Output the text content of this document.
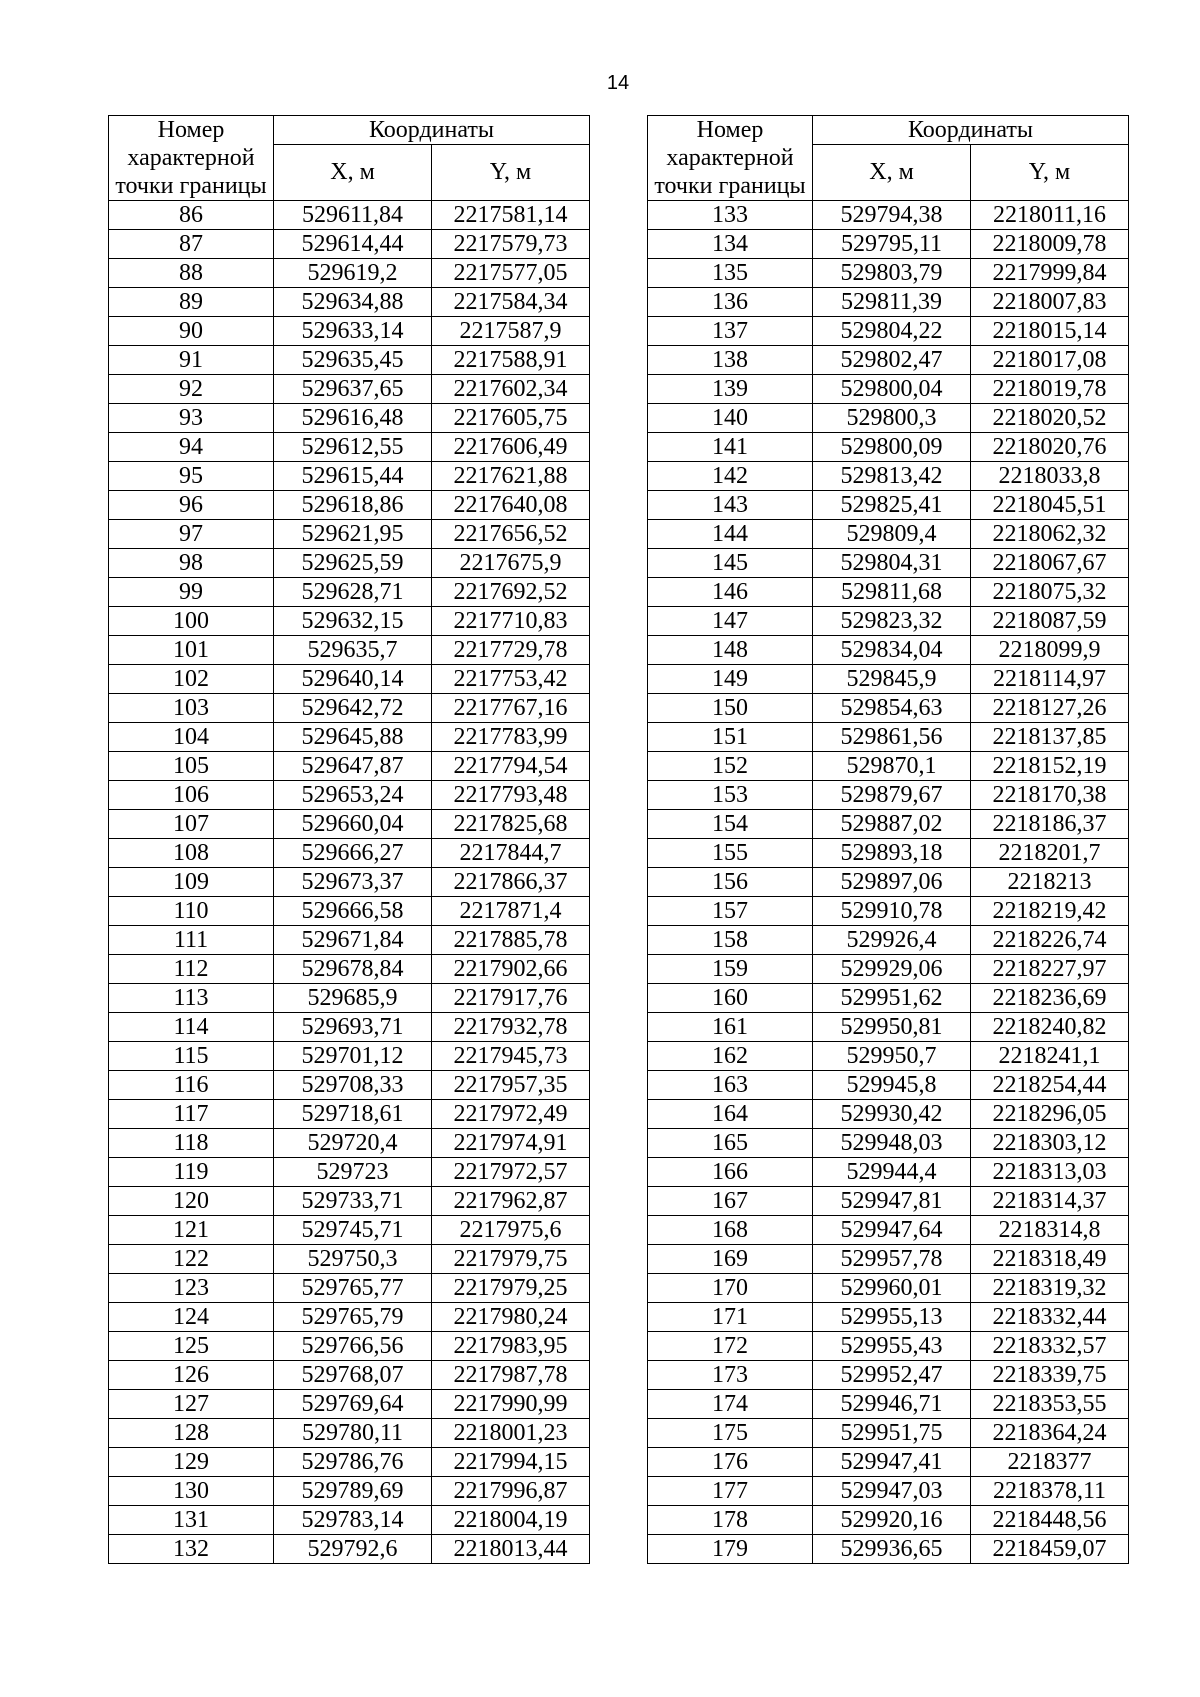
14
Номер характерной точки границы	Координаты	
	X, м	Y, м
86	529611,84	2217581,14
87	529614,44	2217579,73
88	529619,2	2217577,05
89	529634,88	2217584,34
90	529633,14	2217587,9
91	529635,45	2217588,91
92	529637,65	2217602,34
93	529616,48	2217605,75
94	529612,55	2217606,49
95	529615,44	2217621,88
96	529618,86	2217640,08
97	529621,95	2217656,52
98	529625,59	2217675,9
99	529628,71	2217692,52
100	529632,15	2217710,83
101	529635,7	2217729,78
102	529640,14	2217753,42
103	529642,72	2217767,16
104	529645,88	2217783,99
105	529647,87	2217794,54
106	529653,24	2217793,48
107	529660,04	2217825,68
108	529666,27	2217844,7
109	529673,37	2217866,37
110	529666,58	2217871,4
111	529671,84	2217885,78
112	529678,84	2217902,66
113	529685,9	2217917,76
114	529693,71	2217932,78
115	529701,12	2217945,73
116	529708,33	2217957,35
117	529718,61	2217972,49
118	529720,4	2217974,91
119	529723	2217972,57
120	529733,71	2217962,87
121	529745,71	2217975,6
122	529750,3	2217979,75
123	529765,77	2217979,25
124	529765,79	2217980,24
125	529766,56	2217983,95
126	529768,07	2217987,78
127	529769,64	2217990,99
128	529780,11	2218001,23
129	529786,76	2217994,15
130	529789,69	2217996,87
131	529783,14	2218004,19
132	529792,6	2218013,44
Номер характерной точки границы	Координаты	
	X, м	Y, м
133	529794,38	2218011,16
134	529795,11	2218009,78
135	529803,79	2217999,84
136	529811,39	2218007,83
137	529804,22	2218015,14
138	529802,47	2218017,08
139	529800,04	2218019,78
140	529800,3	2218020,52
141	529800,09	2218020,76
142	529813,42	2218033,8
143	529825,41	2218045,51
144	529809,4	2218062,32
145	529804,31	2218067,67
146	529811,68	2218075,32
147	529823,32	2218087,59
148	529834,04	2218099,9
149	529845,9	2218114,97
150	529854,63	2218127,26
151	529861,56	2218137,85
152	529870,1	2218152,19
153	529879,67	2218170,38
154	529887,02	2218186,37
155	529893,18	2218201,7
156	529897,06	2218213
157	529910,78	2218219,42
158	529926,4	2218226,74
159	529929,06	2218227,97
160	529951,62	2218236,69
161	529950,81	2218240,82
162	529950,7	2218241,1
163	529945,8	2218254,44
164	529930,42	2218296,05
165	529948,03	2218303,12
166	529944,4	2218313,03
167	529947,81	2218314,37
168	529947,64	2218314,8
169	529957,78	2218318,49
170	529960,01	2218319,32
171	529955,13	2218332,44
172	529955,43	2218332,57
173	529952,47	2218339,75
174	529946,71	2218353,55
175	529951,75	2218364,24
176	529947,41	2218377
177	529947,03	2218378,11
178	529920,16	2218448,56
179	529936,65	2218459,07
